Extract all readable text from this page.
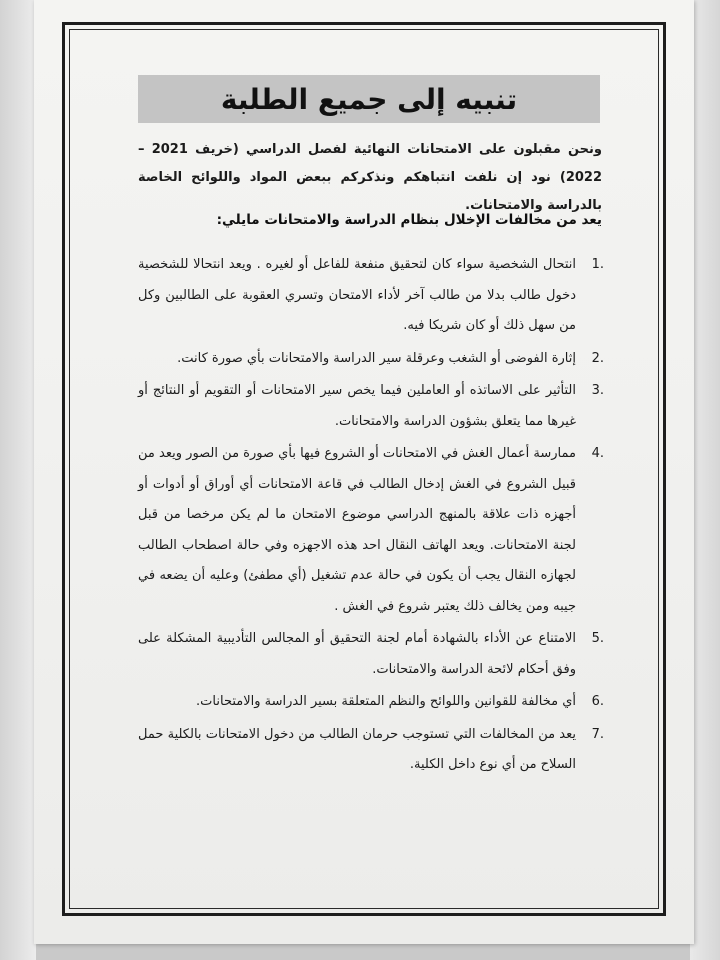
تنبيه إلى جميع الطلبة

ونحن مقبلون على الامتحانات النهائية لفصل الدراسي (خريف 2021 – 2022) نود إن نلفت انتباهكم ونذكركم ببعض المواد واللوائح الخاصة بالدراسة والامتحانات.

يعد من مخالفات الإخلال بنظام الدراسة والامتحانات مايلي:

1.
انتحال الشخصية سواء كان لتحقيق منفعة للفاعل أو لغيره . ويعد انتحالا للشخصية دخول طالب بدلا من طالب آخر لأداء الامتحان وتسري العقوبة على الطالبين وكل من سهل ذلك أو كان شريكا فيه.
2.
إثارة الفوضى أو الشغب وعرقلة سير الدراسة والامتحانات بأي صورة كانت.
3.
التأثير على الاساتذه أو العاملين فيما يخص سير الامتحانات أو التقويم أو النتائج أو غيرها مما يتعلق بشؤون الدراسة والامتحانات.
4.
ممارسة أعمال الغش في الامتحانات أو الشروع فيها بأي صورة من الصور ويعد من قبيل الشروع في الغش إدخال الطالب في قاعة الامتحانات أي أوراق أو أدوات أو أجهزه ذات علاقة بالمنهج الدراسي موضوع الامتحان ما لم يكن مرخصا من قبل لجنة الامتحانات. ويعد الهاتف النقال احد هذه الاجهزه وفي حالة اصطحاب الطالب لجهازه النقال يجب أن يكون في حالة عدم تشغيل (أي مطفئ) وعليه أن يضعه في جيبه ومن يخالف ذلك يعتبر شروع في الغش .
5.
الامتناع عن الأداء بالشهادة أمام لجنة التحقيق أو المجالس التأديبية المشكلة على وفق أحكام لائحة الدراسة والامتحانات.
6.
أي مخالفة للقوانين واللوائح والنظم المتعلقة بسير الدراسة والامتحانات.
7.
يعد من المخالفات التي تستوجب حرمان الطالب من دخول الامتحانات بالكلية حمل السلاح من أي نوع داخل الكلية.
